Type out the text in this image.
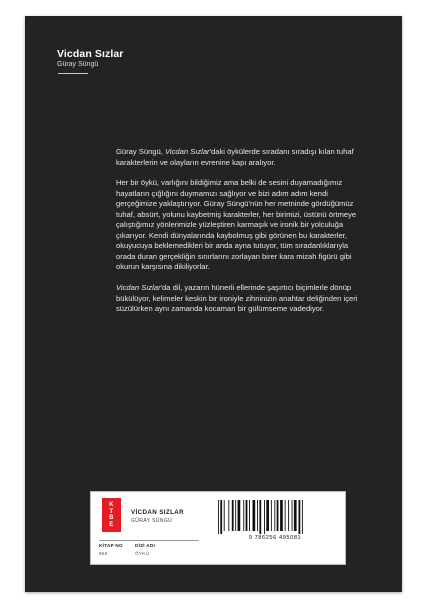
Vicdan Sızlar
Güray Süngü

Güray Süngü, Vicdan Sızlar'daki öykülerde sıradanı sıradışı kılan tuhaf karakterlerin ve olayların evrenine kapı aralıyor.

Her bir öykü, varlığını bildiğimiz ama belki de sesini duyamadığımız hayatların çığlığını duymamızı sağlıyor ve bizi adım adım kendi gerçeğimize yaklaştırıyor. Güray Süngü'nün her metninde gördüğümüz tuhaf, absürt, yolunu kaybetmiş karakterler, her birimizi, üstünü örtmeye çalıştığımız yönlerimizle yüzleştiren karmaşık ve ironik bir yolculuğa çıkarıyor. Kendi dünyalarında kaybolmuş gibi görünen bu karakterler, okuyucuya beklemedikleri bir anda ayna tutuyor, tüm sıradanlıklarıyla orada duran gerçekliğin sınırlarını zorlayan birer kara mizah figürü gibi okurun karşısına dikiliyorlar.

Vicdan Sızlar'da dil, yazarın hünerli ellerinde şaşırtıcı biçimlerle dönüp bükülüyor, kelimeler keskin bir ironiyle zihninizin anahtar deliğinden içeri süzülürken aynı zamanda kocaman bir gülümseme vadediyor.

K
T
B
E
VİCDAN SIZLAR
GÜRAY SÜNGÜ
9 786256 495081
KİTAP NO
960
DİZİ ADI
ÖYKÜ
